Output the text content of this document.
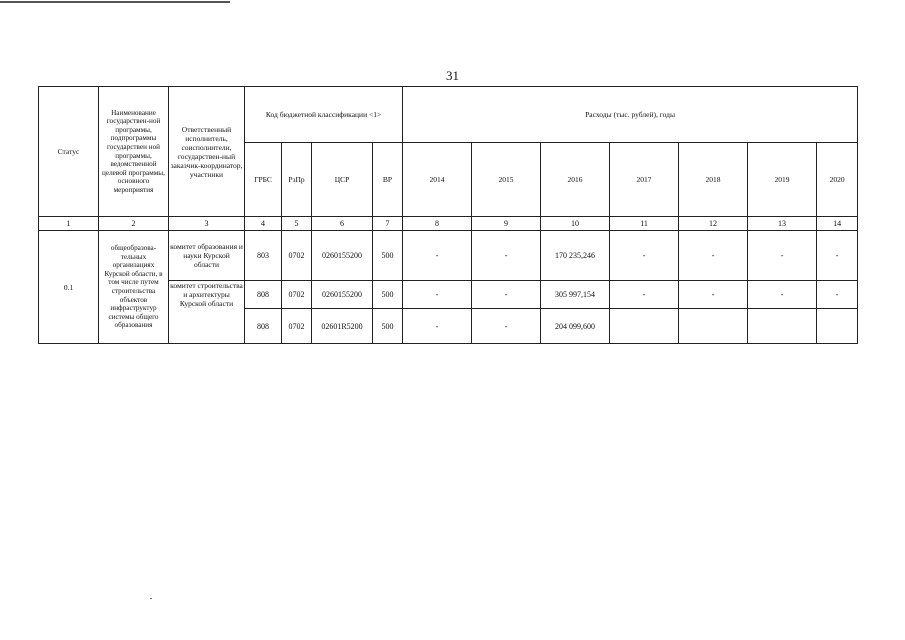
31
Статус	Наименование государствен-ной программы, подпрограммы государствен ной программы, ведомственной целевой программы, основного мероприятия	Ответственный исполнитель, соисполнители, государствен-ный заказчик-координатор, участники	Код бюджетной классификации <1>				Расходы (тыс. рублей), годы						
			ГРБС	РзПр	ЦСР	ВР	2014	2015	2016	2017	2018	2019	2020
1	2	3	4	5	6	7	8	9	10	11	12	13	14
0.1	общеобразова-тельных организациях Курской области, в том числе путем строительства объектов инфраструктур системы общего образования	комитет образования и науки Курской области	803	0702	0260155200	500	-	-	170 235,246	-	-	-	-
		комитет строительства и архитектуры Курской области	808	0702	0260155200	500	-	-	305 997,154	-	-	-	-
			808	0702	02601R5200	500	-	-	204 099,600				
